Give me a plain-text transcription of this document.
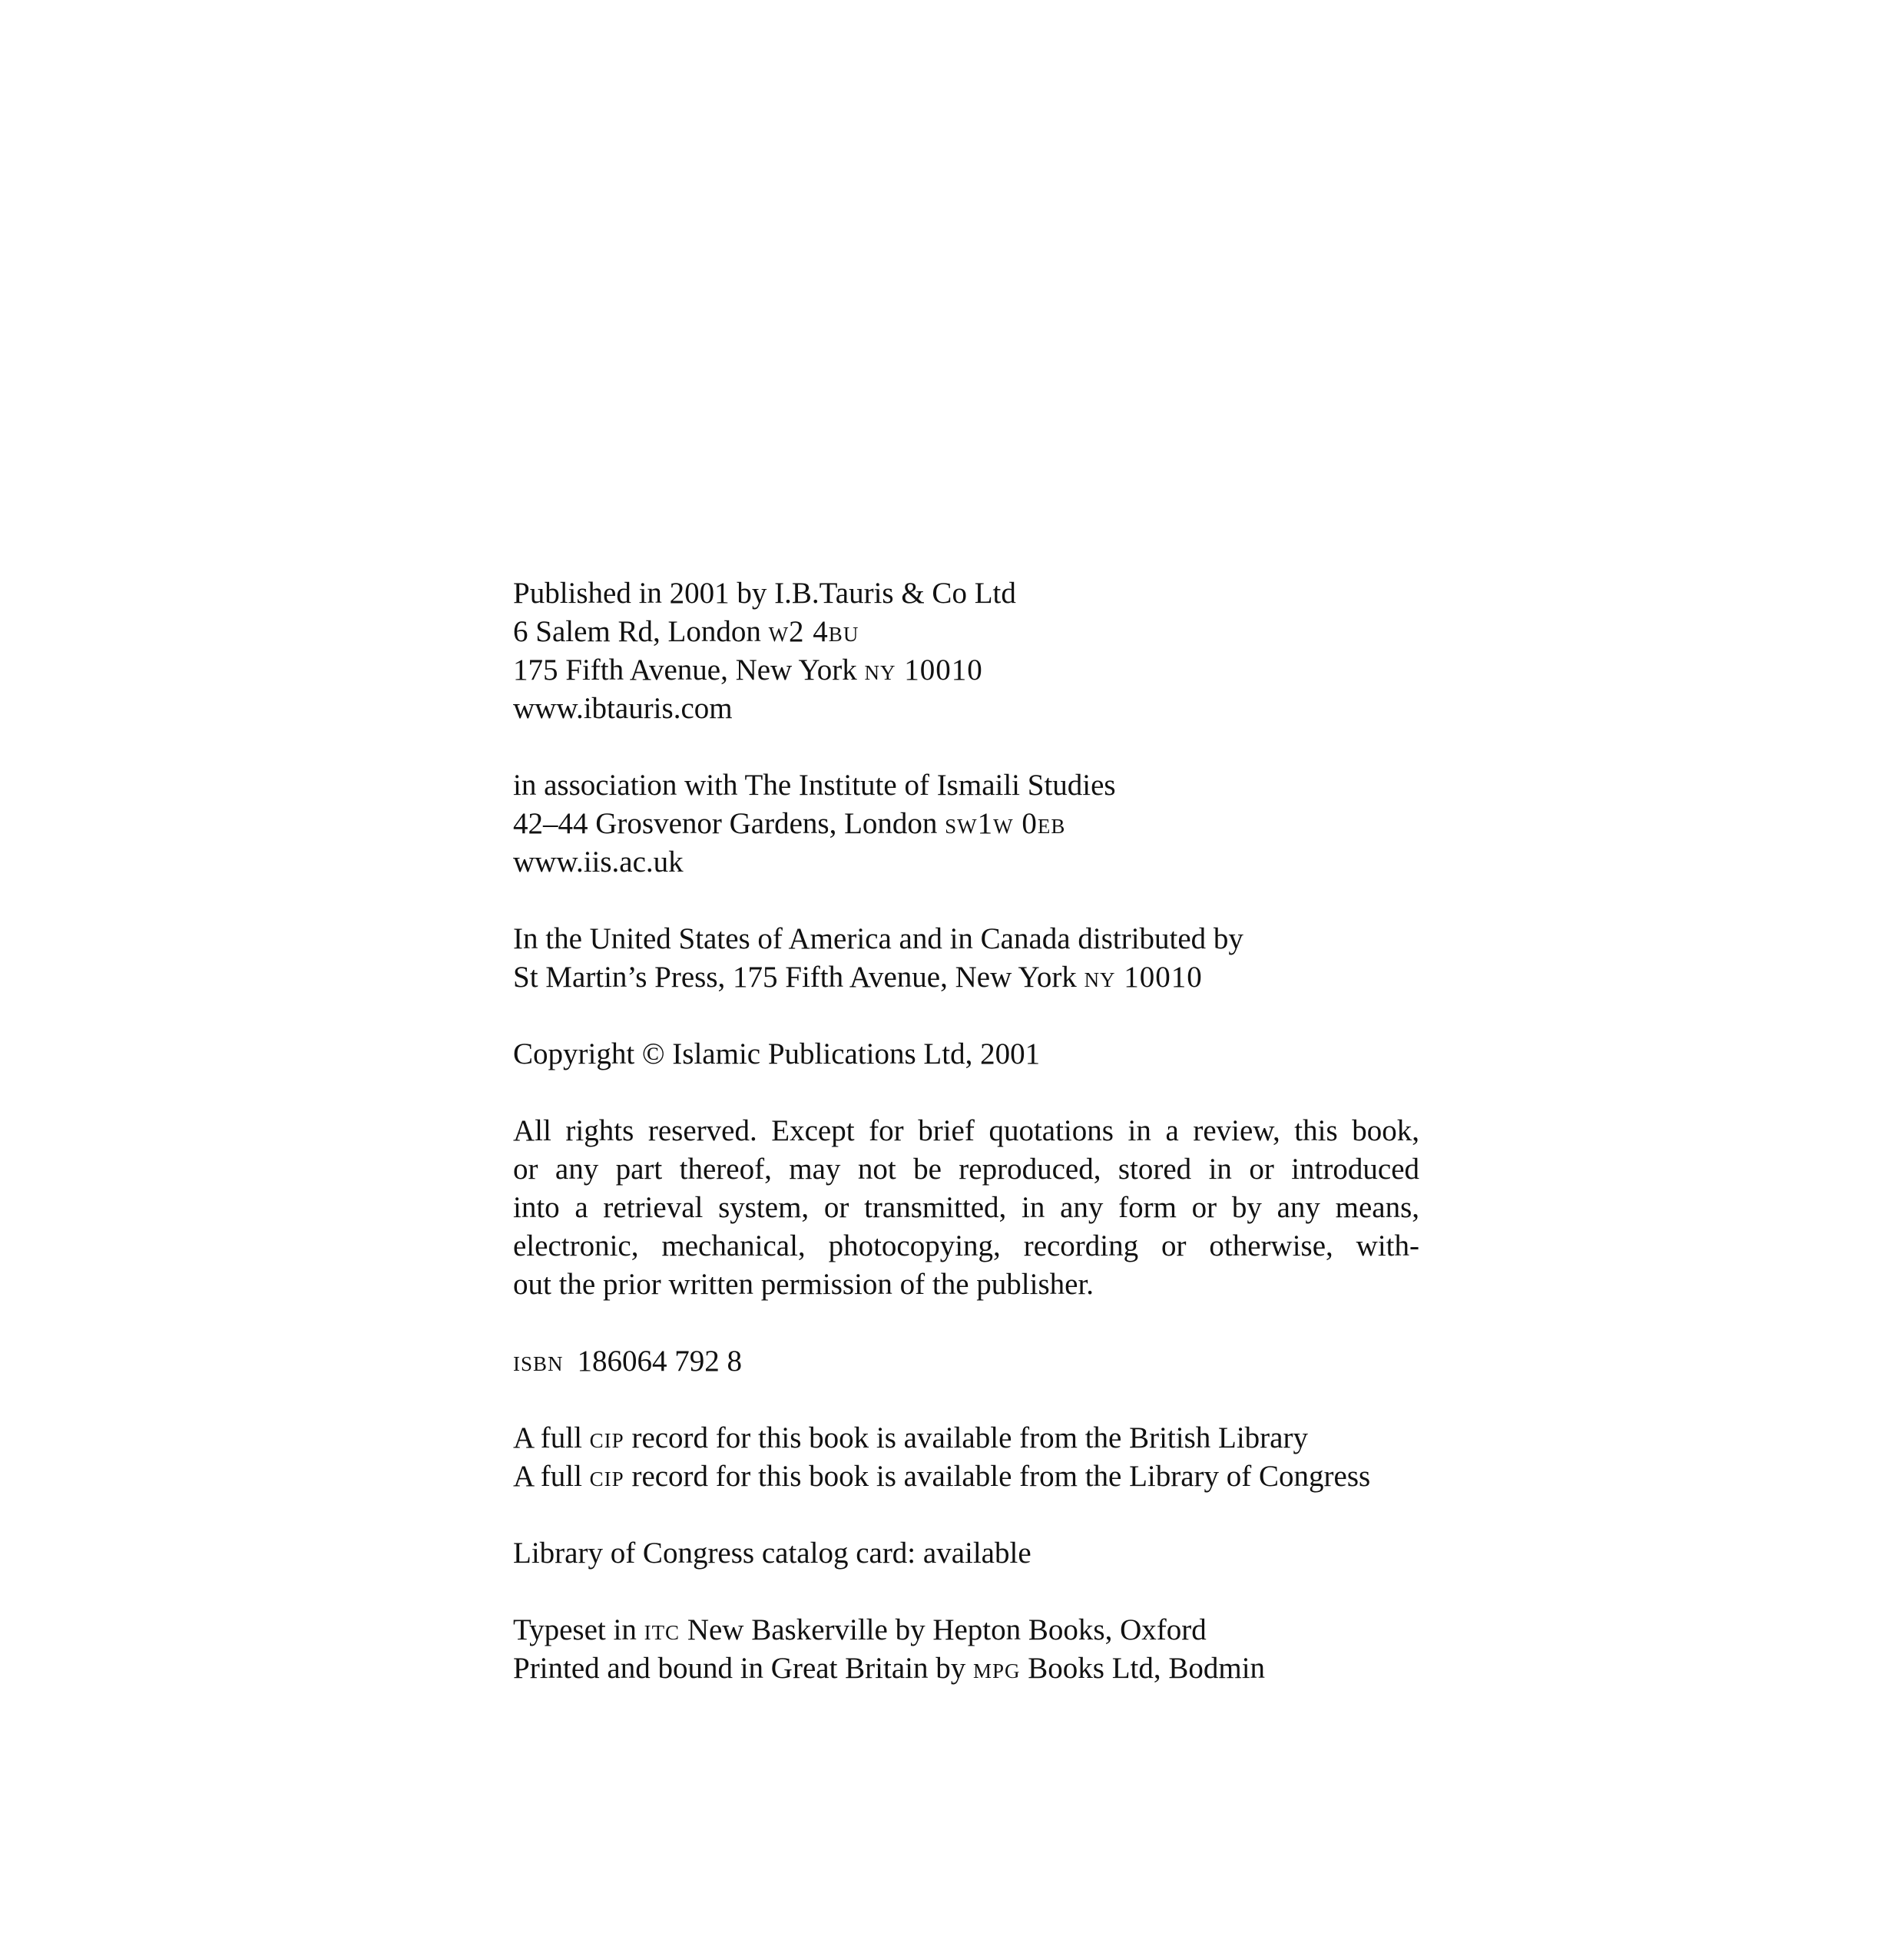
Published in 2001 by I.B.Tauris & Co Ltd
6 Salem Rd, London w2 4bu
175 Fifth Avenue, New York ny 10010
www.ibtauris.com
in association with The Institute of Ismaili Studies
42–44 Grosvenor Gardens, London sw1w 0eb
www.iis.ac.uk
In the United States of America and in Canada distributed by
St Martin’s Press, 175 Fifth Avenue, New York ny 10010
Copyright © Islamic Publications Ltd, 2001
All rights reserved. Except for brief quotations in a review, this book,
or any part thereof, may not be reproduced, stored in or introduced
into a retrieval system, or transmitted, in any form or by any means,
electronic, mechanical, photocopying, recording or otherwise, with-
out the prior written permission of the publisher.
isbn 186064 792 8
A full cip record for this book is available from the British Library
A full cip record for this book is available from the Library of Congress
Library of Congress catalog card: available
Typeset in itc New Baskerville by Hepton Books, Oxford
Printed and bound in Great Britain by mpg Books Ltd, Bodmin
